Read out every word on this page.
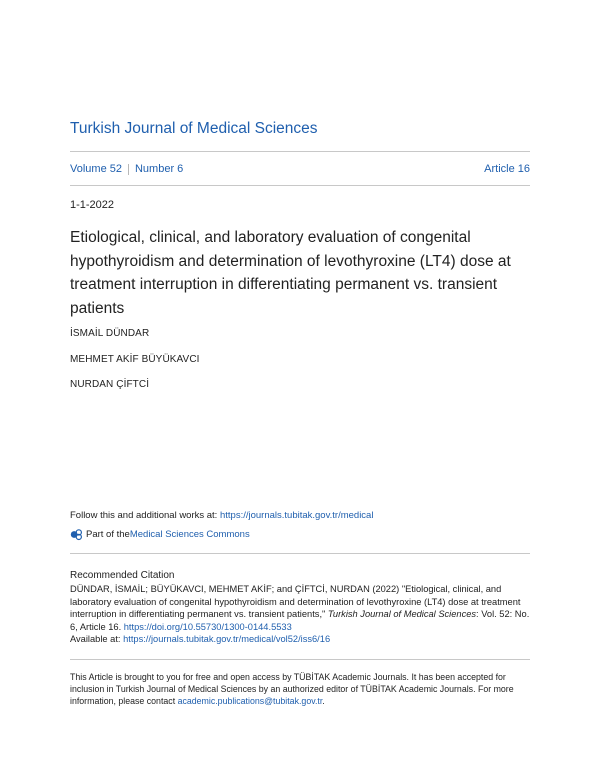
Turkish Journal of Medical Sciences
Volume 52 Number 6	Article 16
1-1-2022
Etiological, clinical, and laboratory evaluation of congenital hypothyroidism and determination of levothyroxine (LT4) dose at treatment interruption in differentiating permanent vs. transient patients
İSMAİL DÜNDAR
MEHMET AKİF BÜYÜKAVCI
NURDAN ÇİFTCİ
Follow this and additional works at: https://journals.tubitak.gov.tr/medical
Part of the Medical Sciences Commons
Recommended Citation
DÜNDAR, İSMAİL; BÜYÜKAVCI, MEHMET AKİF; and ÇİFTCİ, NURDAN (2022) "Etiological, clinical, and laboratory evaluation of congenital hypothyroidism and determination of levothyroxine (LT4) dose at treatment interruption in differentiating permanent vs. transient patients," Turkish Journal of Medical Sciences: Vol. 52: No. 6, Article 16. https://doi.org/10.55730/1300-0144.5533
Available at: https://journals.tubitak.gov.tr/medical/vol52/iss6/16
This Article is brought to you for free and open access by TÜBİTAK Academic Journals. It has been accepted for inclusion in Turkish Journal of Medical Sciences by an authorized editor of TÜBİTAK Academic Journals. For more information, please contact academic.publications@tubitak.gov.tr.
